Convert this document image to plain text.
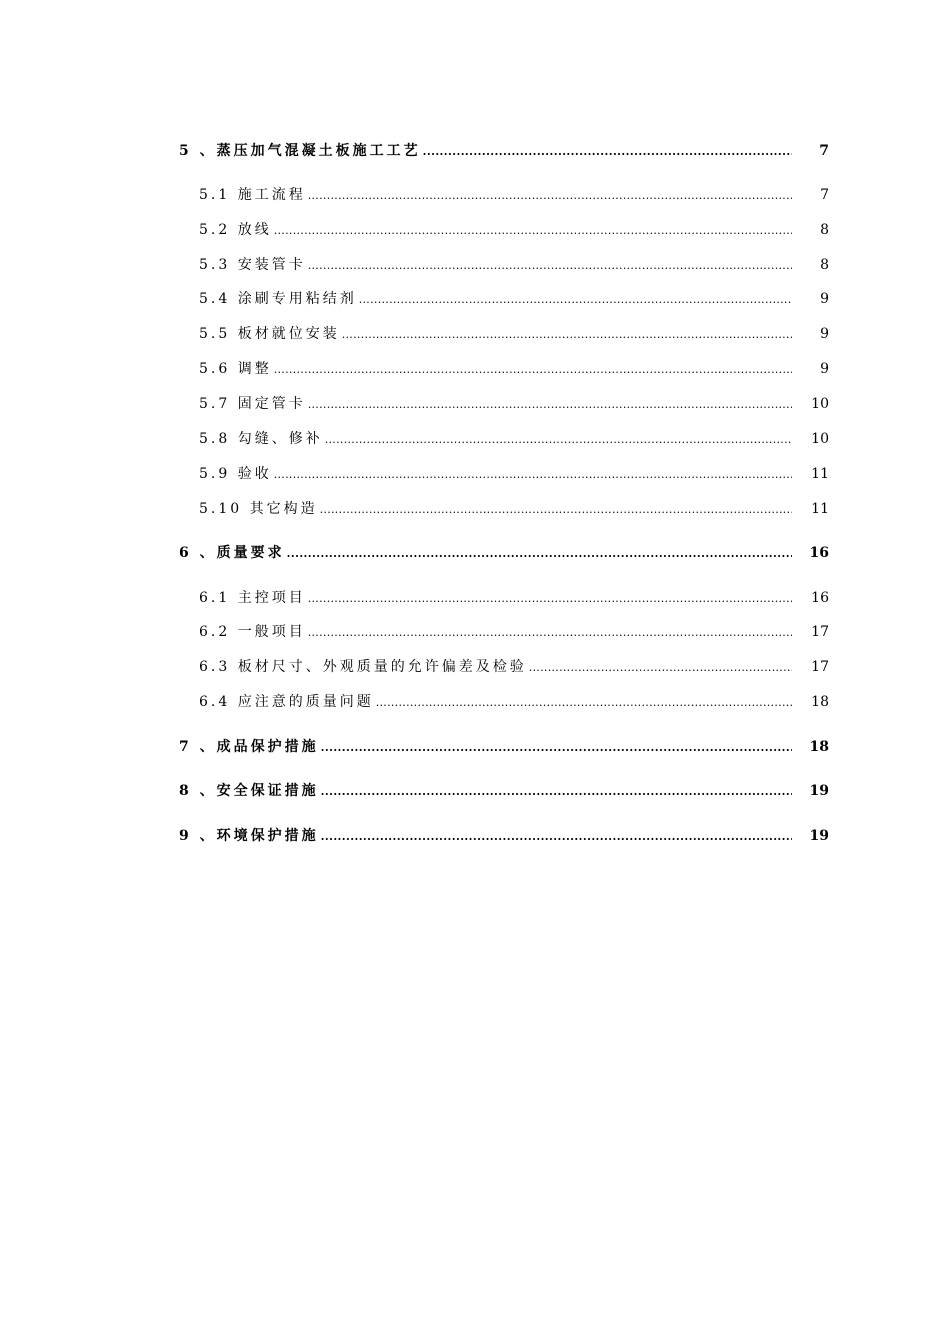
5 、蒸压加气混凝土板施工工艺 .....	7
5.1 施工流程 .....	7
5.2 放线 .....	8
5.3 安装管卡 .....	8
5.4 涂刷专用粘结剂 .....	9
5.5 板材就位安装 .....	9
5.6 调整 .....	9
5.7 固定管卡 .....	10
5.8 勾缝、修补 .....	10
5.9 验收 .....	11
5.10 其它构造 .....	11
6 、质量要求 .....	16
6.1 主控项目 .....	16
6.2 一般项目 .....	17
6.3 板材尺寸、外观质量的允许偏差及检验 .....	17
6.4 应注意的质量问题 .....	18
7 、成品保护措施 .....	18
8 、安全保证措施 .....	19
9 、环境保护措施 .....	19
